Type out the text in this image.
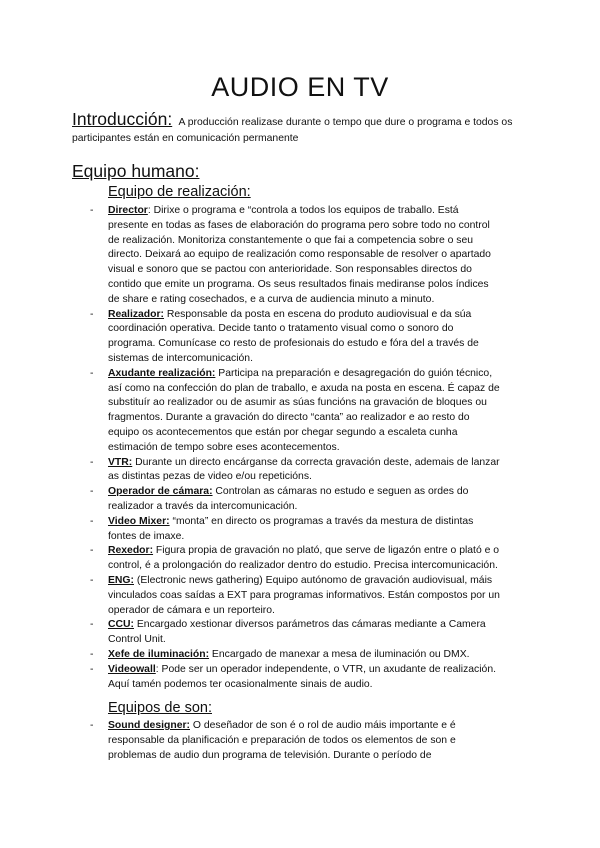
AUDIO EN TV
Introducción: A producción realizase durante o tempo que dure o programa e todos os participantes están en comunicación permanente
Equipo humano:
Equipo de realización:
- Director: Dirixe o programa e “controla a todos los equipos de traballo. Está presente en todas as fases de elaboración do programa pero sobre todo no control de realización. Monitoriza constantemente o que fai a competencia sobre o seu directo. Deixará ao equipo de realización como responsable de resolver o apartado visual e sonoro que se pactou con anterioridade. Son responsables directos do contido que emite un programa. Os seus resultados finais mediranse polos índices de share e rating cosechados, e a curva de audiencia minuto a minuto.
- Realizador: Responsable da posta en escena do produto audiovisual e da súa coordinación operativa. Decide tanto o tratamento visual como o sonoro do programa. Comunícase co resto de profesionais do estudo e fóra del a través de sistemas de intercomunicación.
- Axudante realización: Participa na preparación e desagregación do guión técnico, así como na confección do plan de traballo, e axuda na posta en escena. É capaz de substituír ao realizador ou de asumir as súas funcións na gravación de bloques ou fragmentos. Durante a gravación do directo “canta” ao realizador e ao resto do equipo os acontecementos que están por chegar segundo a escaleta cunha estimación de tempo sobre eses acontecementos.
- VTR: Durante un directo encárganse da correcta gravación deste, ademais de lanzar as distintas pezas de video e/ou repeticións.
- Operador de cámara: Controlan as cámaras no estudo e seguen as ordes do realizador a través da intercomunicación.
- Video Mixer: “monta” en directo os programas a través da mestura de distintas fontes de imaxe.
- Rexedor: Figura propia de gravación no plató, que serve de ligazón entre o plató e o control, é a prolongación do realizador dentro do estudio. Precisa intercomunicación.
- ENG: (Electronic news gathering) Equipo autónomo de gravación audiovisual, máis vinculados coas saídas a EXT para programas informativos. Están compostos por un operador de cámara e un reporteiro.
- CCU: Encargado xestionar diversos parámetros das cámaras mediante a Camera Control Unit.
- Xefe de iluminación: Encargado de manexar a mesa de iluminación ou DMX.
- Videowall: Pode ser un operador independente, o VTR, un axudante de realización. Aquí tamén podemos ter ocasionalmente sinais de audio.
Equipos de son:
- Sound designer: O deseñador de son é o rol de audio máis importante e é responsable da planificación e preparación de todos os elementos de son e problemas de audio dun programa de televisión. Durante o período de
